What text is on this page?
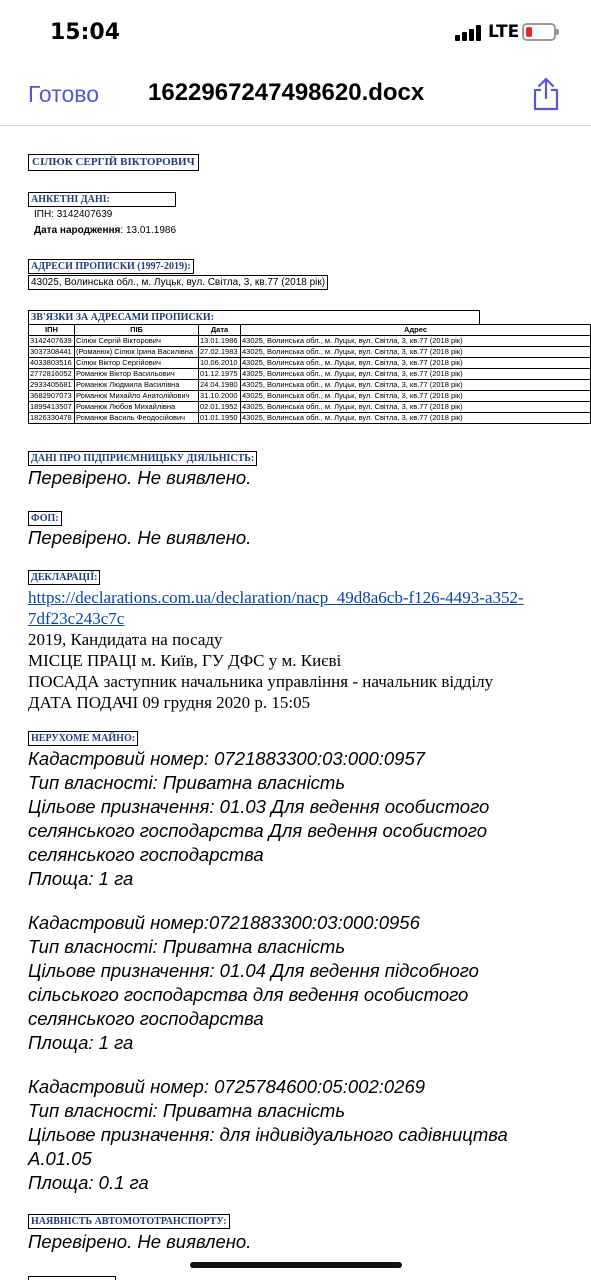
15:04	LTE
Готово 1622967247498620.docx
СІЛЮК СЕРГІЙ ВІКТОРОВИЧ
АНКЕТНІ ДАНІ:
ІПН: 3142407639
Дата народження: 13.01.1986
АДРЕСИ ПРОПИСКИ (1997-2019):
43025, Волинська обл., м. Луцьк, вул. Світла, 3, кв.77 (2018 рік)
ЗВ'ЯЗКИ ЗА АДРЕСАМИ ПРОПИСКИ:
ІПН	ПІБ	Дата	Адрес
3142407639	Сілюк Сергій Вікторович	13.01.1986	43025, Волинська обл., м. Луцьк, вул. Світла, 3, кв.77 (2018 рік)
3037308441	(Романюк) Сілюк Ірина Василівна	27.02.1983	43025, Волинська обл., м. Луцьк, вул. Світла, 3, кв.77 (2018 рік)
4033803516	Сілюк Віктор Сергійович	10.06.2010	43025, Волинська обл., м. Луцьк, вул. Світла, 3, кв.77 (2018 рік)
2772816052	Романюк Віктор Васильович	01.12.1975	43025, Волинська обл., м. Луцьк, вул. Світла, 3, кв.77 (2018 рік)
2933405681	Романюк Людмила Василівна	24.04.1980	43025, Волинська обл., м. Луцьк, вул. Світла, 3, кв.77 (2018 рік)
3682907073	Романюк Михайло Анатолійович	31.10.2000	43025, Волинська обл., м. Луцьк, вул. Світла, 3, кв.77 (2018 рік)
1899413507	Романюк Любов Михайлівна	02.01.1952	43025, Волинська обл., м. Луцьк, вул. Світла, 3, кв.77 (2018 рік)
1826330478	Романюк Василь Феодосійович	01.01.1950	43025, Волинська обл., м. Луцьк, вул. Світла, 3, кв.77 (2018 рік)
ДАНІ ПРО ПІДПРИЄМНИЦЬКУ ДІЯЛЬНІСТЬ:
Перевірено. Не виявлено.
ФОП:
Перевірено. Не виявлено.
ДЕКЛАРАЦІЇ:
https://declarations.com.ua/declaration/nacp_49d8a6cb-f126-4493-a352-
7df23c243c7c
2019, Кандидата на посаду
МІСЦЕ ПРАЦІ м. Київ, ГУ ДФС у м. Києві
ПОСАДА заступник начальника управління - начальник відділу
ДАТА ПОДАЧІ 09 грудня 2020 р. 15:05
НЕРУХОМЕ МАЙНО:
Кадастровий номер: 0721883300:03:000:0957
Тип власності: Приватна власність
Цільове призначення: 01.03 Для ведення особистого
селянського господарства Для ведення особистого
селянського господарства
Площа: 1 га
Кадастровий номер:0721883300:03:000:0956
Тип власності: Приватна власність
Цільове призначення: 01.04 Для ведення підсобного
сільського господарства для ведення особистого
селянського господарства
Площа: 1 га
Кадастровий номер: 0725784600:05:002:0269
Тип власності: Приватна власність
Цільове призначення: для індивідуального садівництва
А.01.05
Площа: 0.1 га
НАЯВНІСТЬ АВТОМОТОТРАНСПОРТУ:
Перевірено. Не виявлено.
